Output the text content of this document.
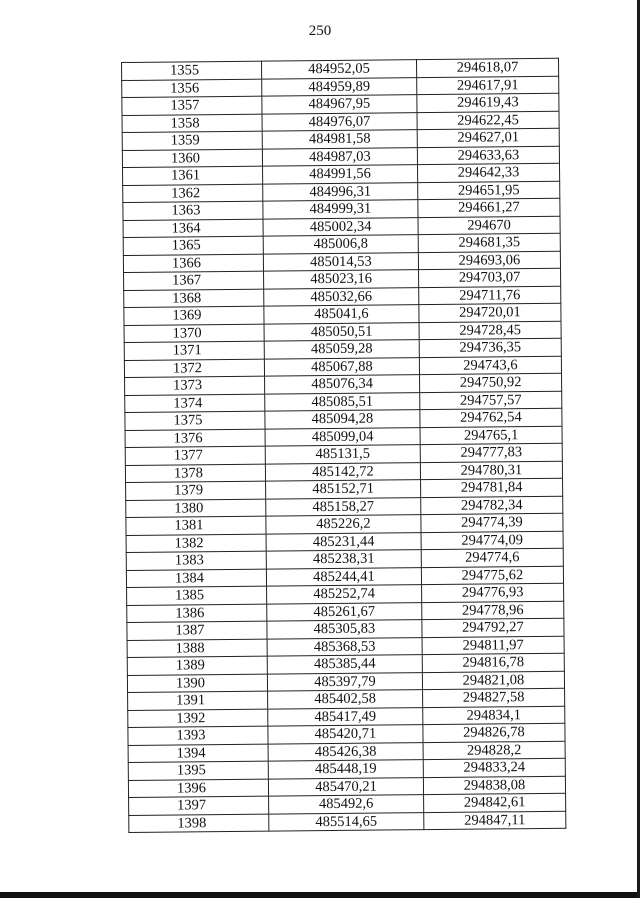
250
1355	484952,05	294618,07
1356	484959,89	294617,91
1357	484967,95	294619,43
1358	484976,07	294622,45
1359	484981,58	294627,01
1360	484987,03	294633,63
1361	484991,56	294642,33
1362	484996,31	294651,95
1363	484999,31	294661,27
1364	485002,34	294670
1365	485006,8	294681,35
1366	485014,53	294693,06
1367	485023,16	294703,07
1368	485032,66	294711,76
1369	485041,6	294720,01
1370	485050,51	294728,45
1371	485059,28	294736,35
1372	485067,88	294743,6
1373	485076,34	294750,92
1374	485085,51	294757,57
1375	485094,28	294762,54
1376	485099,04	294765,1
1377	485131,5	294777,83
1378	485142,72	294780,31
1379	485152,71	294781,84
1380	485158,27	294782,34
1381	485226,2	294774,39
1382	485231,44	294774,09
1383	485238,31	294774,6
1384	485244,41	294775,62
1385	485252,74	294776,93
1386	485261,67	294778,96
1387	485305,83	294792,27
1388	485368,53	294811,97
1389	485385,44	294816,78
1390	485397,79	294821,08
1391	485402,58	294827,58
1392	485417,49	294834,1
1393	485420,71	294826,78
1394	485426,38	294828,2
1395	485448,19	294833,24
1396	485470,21	294838,08
1397	485492,6	294842,61
1398	485514,65	294847,11
